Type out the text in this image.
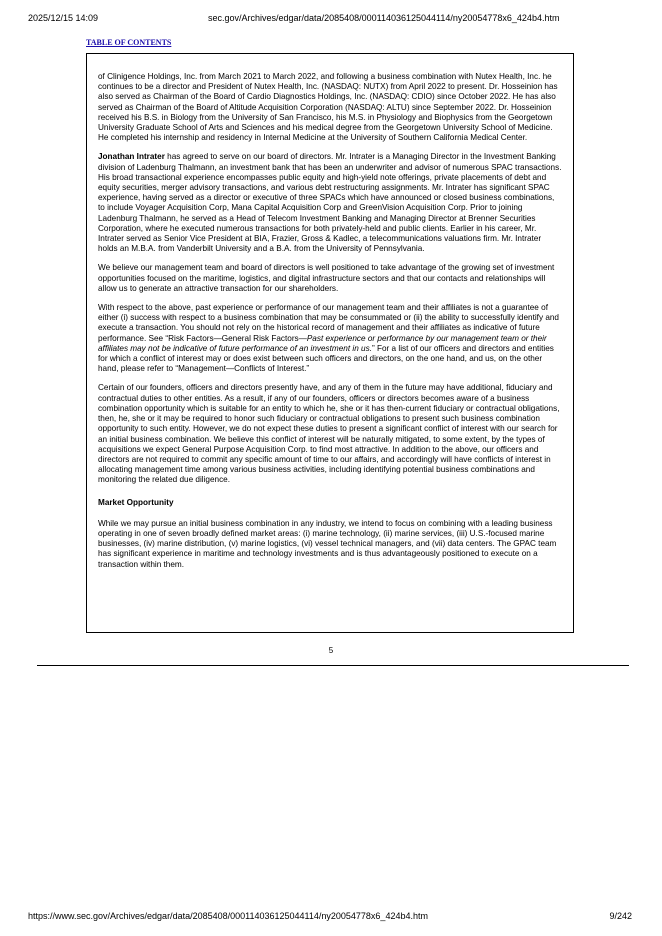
2025/12/15 14:09	sec.gov/Archives/edgar/data/2085408/000114036125044114/ny20054778x6_424b4.htm
TABLE OF CONTENTS

of Clinigence Holdings, Inc. from March 2021 to March 2022, and following a business combination with Nutex Health, Inc. he continues to be a director and President of Nutex Health, Inc. (NASDAQ: NUTX) from April 2022 to present. Dr. Hosseinion has also served as Chairman of the Board of Cardio Diagnostics Holdings, Inc. (NASDAQ: CDIO) since October 2022. He has also served as Chairman of the Board of Altitude Acquisition Corporation (NASDAQ: ALTU) since September 2022. Dr. Hosseinion received his B.S. in Biology from the University of San Francisco, his M.S. in Physiology and Biophysics from the Georgetown University Graduate School of Arts and Sciences and his medical degree from the Georgetown University School of Medicine. He completed his internship and residency in Internal Medicine at the University of Southern California Medical Center.

Jonathan Intrater has agreed to serve on our board of directors. Mr. Intrater is a Managing Director in the Investment Banking division of Ladenburg Thalmann, an investment bank that has been an underwriter and advisor of numerous SPAC transactions. His broad transactional experience encompasses public equity and high-yield note offerings, private placements of debt and equity securities, merger advisory transactions, and various debt restructuring assignments. Mr. Intrater has significant SPAC experience, having served as a director or executive of three SPACs which have announced or closed business combinations, to include Voyager Acquisition Corp, Mana Capital Acquisition Corp and GreenVision Acquisition Corp. Prior to joining Ladenburg Thalmann, he served as a Head of Telecom Investment Banking and Managing Director at Brenner Securities Corporation, where he executed numerous transactions for both privately-held and public clients. Earlier in his career, Mr. Intrater served as Senior Vice President at BIA, Frazier, Gross & Kadlec, a telecommunications valuations firm. Mr. Intrater holds an M.B.A. from Vanderbilt University and a B.A. from the University of Pennsylvania.

We believe our management team and board of directors is well positioned to take advantage of the growing set of investment opportunities focused on the maritime, logistics, and digital infrastructure sectors and that our contacts and relationships will allow us to generate an attractive transaction for our shareholders.

With respect to the above, past experience or performance of our management team and their affiliates is not a guarantee of either (i) success with respect to a business combination that may be consummated or (ii) the ability to successfully identify and execute a transaction. You should not rely on the historical record of management and their affiliates as indicative of future performance. See “Risk Factors—General Risk Factors—Past experience or performance by our management team or their affiliates may not be indicative of future performance of an investment in us.” For a list of our officers and directors and entities for which a conflict of interest may or does exist between such officers and directors, on the one hand, and us, on the other hand, please refer to “Management—Conflicts of Interest.”

Certain of our founders, officers and directors presently have, and any of them in the future may have additional, fiduciary and contractual duties to other entities. As a result, if any of our founders, officers or directors becomes aware of a business combination opportunity which is suitable for an entity to which he, she or it has then-current fiduciary or contractual obligations, then, he, she or it may be required to honor such fiduciary or contractual obligations to present such business combination opportunity to such entity. However, we do not expect these duties to present a significant conflict of interest with our search for an initial business combination. We believe this conflict of interest will be naturally mitigated, to some extent, by the types of acquisitions we expect General Purpose Acquisition Corp. to find most attractive. In addition to the above, our officers and directors are not required to commit any specific amount of time to our affairs, and accordingly will have conflicts of interest in allocating management time among various business activities, including identifying potential business combinations and monitoring the related due diligence.

Market Opportunity

While we may pursue an initial business combination in any industry, we intend to focus on combining with a leading business operating in one of seven broadly defined market areas: (i) marine technology, (ii) marine services, (iii) U.S.-focused marine businesses, (iv) marine distribution, (v) marine logistics, (vi) vessel technical managers, and (vii) data centers. The GPAC team has significant experience in maritime and technology investments and is thus advantageously positioned to execute on a transaction within them.

5
https://www.sec.gov/Archives/edgar/data/2085408/000114036125044114/ny20054778x6_424b4.htm	9/242
